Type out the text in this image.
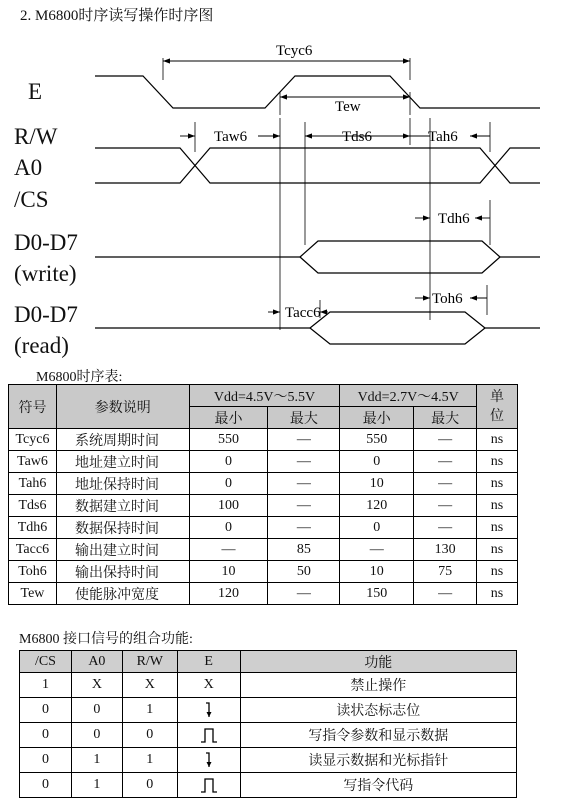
2. M6800时序读写操作时序图
E
R/W
A0
/CS
D0-D7
(write)
D0-D7
(read)
Tcyc6
Tew
Taw6	Tds6	Tah6
Tdh6
Tacc6
Toh6
M6800时序表:
符号	参数说明	Vdd=4.5V～5.5V		Vdd=2.7V～4.5V		单位
		最小	最大	最小	最大	
Tcyc6	系统周期时间	550	—	550	—	ns
Taw6	地址建立时间	0	—	0	—	ns
Tah6	地址保持时间	0	—	10	—	ns
Tds6	数据建立时间	100	—	120	—	ns
Tdh6	数据保持时间	0	—	0	—	ns
Tacc6	输出建立时间	—	85	—	130	ns
Toh6	输出保持时间	10	50	10	75	ns
Tew	使能脉冲宽度	120	—	150	—	ns
M6800 接口信号的组合功能:
/CS	A0	R/W	E	功能
1	X	X	X	禁止操作
0	0	1		读状态标志位
0	0	0		写指令参数和显示数据
0	1	1		读显示数据和光标指针
0	1	0		写指令代码
